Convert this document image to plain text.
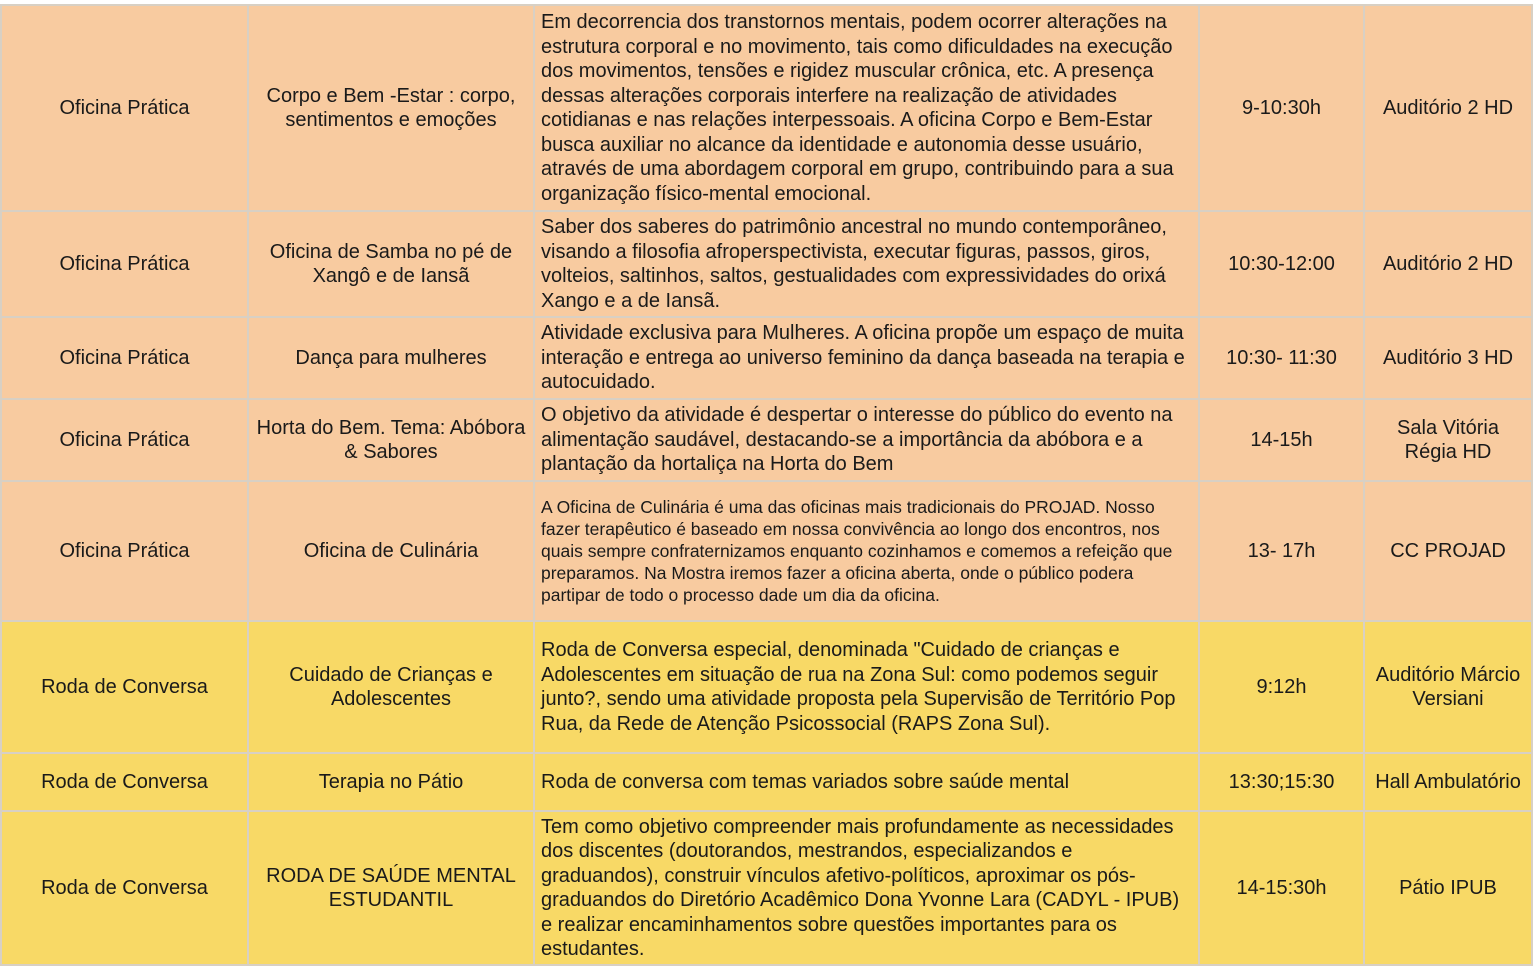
Oficina Prática	Corpo e Bem -Estar : corpo, sentimentos e emoções	Em decorrencia dos transtornos mentais, podem ocorrer alterações na estrutura corporal e no movimento, tais como dificuldades na execução dos movimentos, tensões e rigidez muscular crônica, etc. A presença dessas alterações corporais interfere na realização de atividades cotidianas e nas relações interpessoais. A oficina Corpo e Bem-Estar busca auxiliar no alcance da identidade e autonomia desse usuário, através de uma abordagem corporal em grupo, contribuindo para a sua organização físico-mental emocional.	9-10:30h	Auditório 2 HD
Oficina Prática	Oficina de Samba no pé de Xangô e de Iansã	Saber dos saberes do patrimônio ancestral no mundo contemporâneo, visando a filosofia afroperspectivista, executar figuras, passos, giros, volteios, saltinhos, saltos, gestualidades com expressividades do orixá Xango e a de Iansã.	10:30-12:00	Auditório 2 HD
Oficina Prática	Dança para mulheres	Atividade exclusiva para Mulheres. A oficina propõe um espaço de muita interação e entrega ao universo feminino da dança baseada na terapia e autocuidado.	10:30- 11:30	Auditório 3 HD
Oficina Prática	Horta do Bem. Tema: Abóbora & Sabores	O objetivo da atividade é despertar o interesse do público do evento na alimentação saudável, destacando-se a importância da abóbora e a plantação da hortaliça na Horta do Bem	14-15h	Sala Vitória Régia HD
Oficina Prática	Oficina de Culinária	A Oficina de Culinária é uma das oficinas mais tradicionais do PROJAD. Nosso fazer terapêutico é baseado em nossa convivência ao longo dos encontros, nos quais sempre confraternizamos enquanto cozinhamos e comemos a refeição que preparamos. Na Mostra iremos fazer a oficina aberta, onde o público podera partipar de todo o processo dade um dia da oficina.	13- 17h	CC PROJAD
Roda de Conversa	Cuidado de Crianças e Adolescentes	Roda de Conversa especial, denominada "Cuidado de crianças e Adolescentes em situação de rua na Zona Sul: como podemos seguir junto?, sendo uma atividade proposta pela Supervisão de Território Pop Rua, da Rede de Atenção Psicossocial (RAPS Zona Sul).	9:12h	Auditório Márcio Versiani
Roda de Conversa	Terapia no Pátio	Roda de conversa com temas variados sobre saúde mental	13:30;15:30	Hall Ambulatório
Roda de Conversa	RODA DE SAÚDE MENTAL ESTUDANTIL	Tem como objetivo compreender mais profundamente as necessidades dos discentes (doutorandos, mestrandos, especializandos e graduandos), construir vínculos afetivo-políticos, aproximar os pós-graduandos do Diretório Acadêmico Dona Yvonne Lara (CADYL - IPUB) e realizar encaminhamentos sobre questões importantes para os estudantes.	14-15:30h	Pátio IPUB
